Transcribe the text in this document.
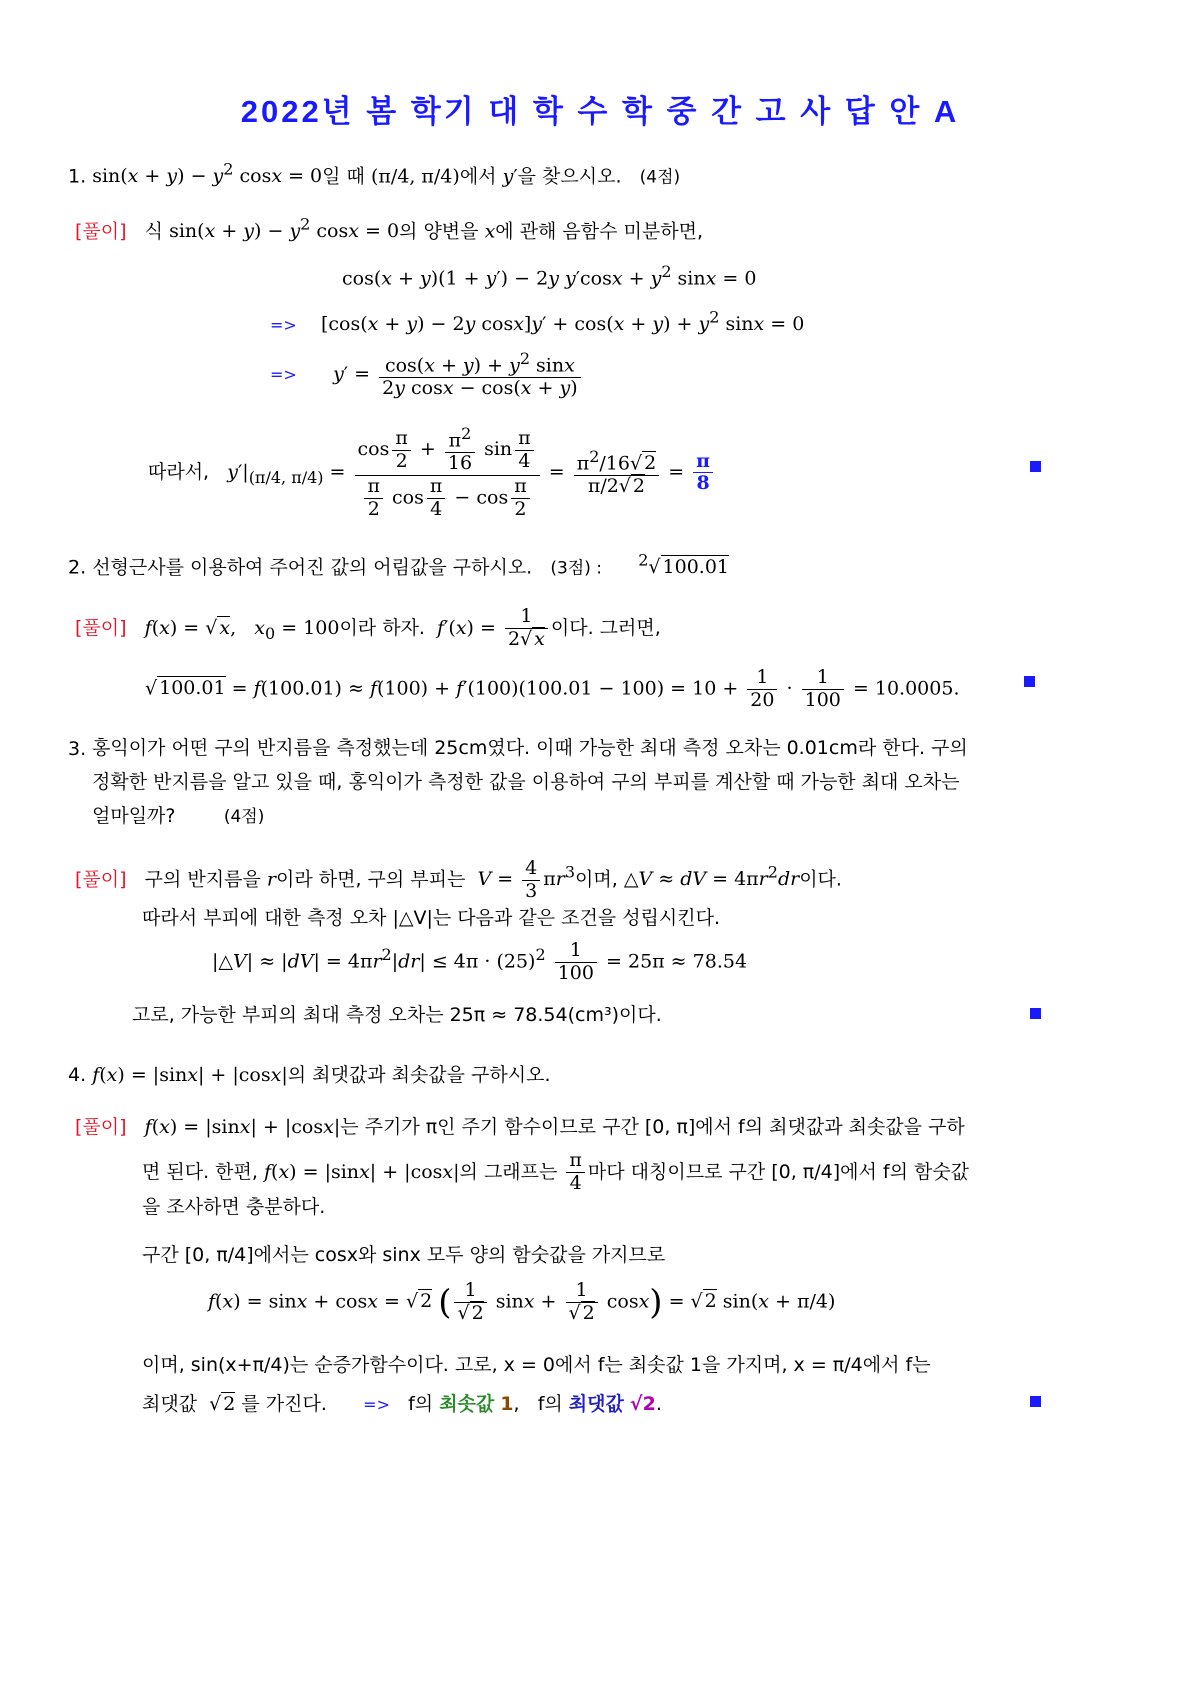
2022년 봄 학기 대 학 수 학 중 간 고 사 답 안 A
1. $\sin(x + y) - y^2$ cosx = 0일 때 (π/4, π/4)에서 y′을 찾으시오. (4점)
[풀이] 식 $\sin(x + y) - y^2$ cosx = 0의 양변을 x에 관해 음함수 미분하면,
cos(x + y)(1 + y′) − 2y $y'\cos x + y^2$ sinx = 0
=> [cos(x + y) − 2y $\cos x]y' + \cos(x + y) + y^2$ sinx = 0
=> $y' = \frac{\cos(x + y) + y^2 \sin x}{\text{2y cosx − cos(x + y)}}$
따라서, $y'|_{(\pi/4, \pi/4)} = \frac{\cos \frac{\pi}{2} + \frac{\pi^2}{16} \sin \frac{\pi}{4}}{\frac{\pi}{2} \cos \frac{\pi}{4} - \cos \frac{\pi}{2}} = \frac{\pi^2/16√ 2}{\pi/2√ 2} = \frac{\pi}{8}$
2. 선형근사를 이용하여 주어진 값의 어림값을 구하시오. (3점) : $^2$√ 100.01
[풀이] f(x) = √ x,   $x_0 = 100$이라 하자. $f'(x) = \frac{1}{2√ x}$ 이다. 그러면,
√ $100.01 = f(100.01) \approx f(100) + f'(100)(100.01 - 100) = 10 + \frac{1}{20} \cdot \frac{1}{100} = 10.0005$.
3. 홍익이가 어떤 구의 반지름을 측정했는데 25cm였다. 이때 가능한 최대 측정 오차는 0.01cm라 한다. 구의
정확한 반지름을 알고 있을 때, 홍익이가 측정한 값을 이용하여 구의 부피를 계산할 때 가능한 최대 오차는
얼마일까?	(4점)
[풀이] 구의 반지름을 r이라 하면, 구의 부피는 $V = \frac{4}{3} \pi r^3$이며, △V ≈ dV = $4\pi r^2dr$이다.
따라서 부피에 대한 측정 오차 |△V|는 다음과 같은 조건을 성립시킨다.
|△V| ≈ $|dV| = 4\pi r^2|dr| \le 4\pi \cdot (25)^2 \frac{1}{100} = 25\pi \approx 78.54$
고로, 가능한 부피의 최대 측정 오차는 25π ≈ 78.54(cm³)이다.
4. f(x) = |sinx| + |cosx|의 최댓값과 최솟값을 구하시오.
[풀이] f(x) = |sinx| + |cosx|는 주기가 π인 주기 함수이므로 구간 [0, π]에서 f의 최댓값과 최솟값을 구하
면 된다. 한편, f(x) = |sinx| + |cosx|의 그래프는 $\frac{\pi}{4}$ 마다 대칭이므로 구간 [0, π/4]에서 f의 함숫값
을 조사하면 충분하다.
구간 [0, π/4]에서는 cosx와 sinx 모두 양의 함숫값을 가지므로
f(x) = sinx + cosx = √ 2 ( $\frac{1}{√ 2}$ $\sin x + \frac{1}{√ 2} \cos x$) = √ 2 sin(x + π/4)
이며, sin(x+π/4)는 순증가함수이다. 고로, x = 0에서 f는 최솟값 1을 가지며, x = π/4에서 f는
최댓값 √ 2 를 가진다. => f의 최솟값 1,   f의 최댓값 √2.
